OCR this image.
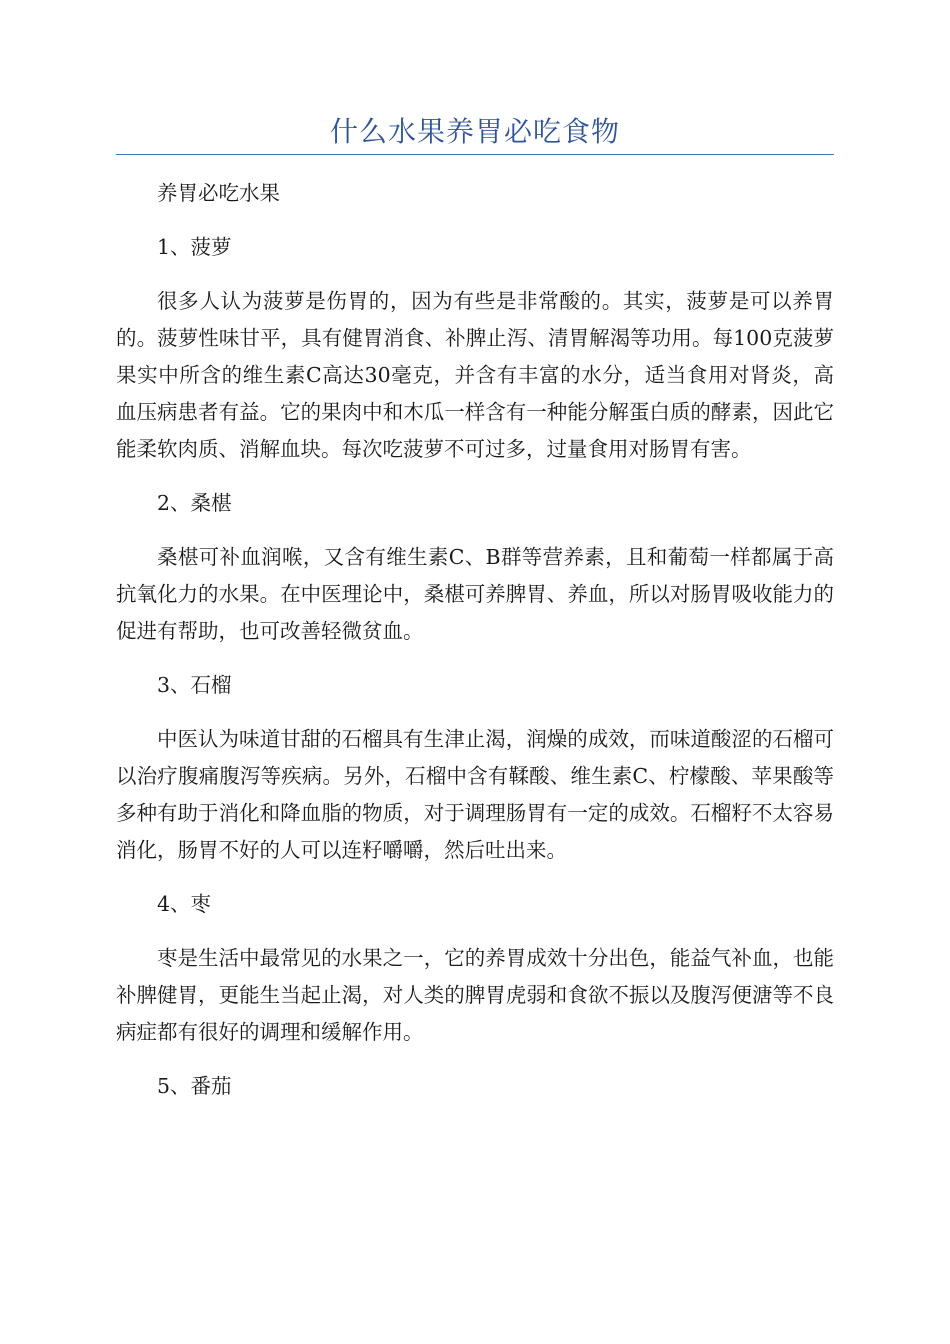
什么水果养胃必吃食物

养胃必吃水果

1、菠萝

很多人认为菠萝是伤胃的，因为有些是非常酸的。其实，菠萝是可以养胃的。菠萝性味甘平，具有健胃消食、补脾止泻、清胃解渴等功用。每100克菠萝果实中所含的维生素C高达30毫克，并含有丰富的水分，适当食用对肾炎，高血压病患者有益。它的果肉中和木瓜一样含有一种能分解蛋白质的酵素，因此它能柔软肉质、消解血块。每次吃菠萝不可过多，过量食用对肠胃有害。

2、桑椹

桑椹可补血润喉，又含有维生素C、B群等营养素，且和葡萄一样都属于高抗氧化力的水果。在中医理论中，桑椹可养脾胃、养血，所以对肠胃吸收能力的促进有帮助，也可改善轻微贫血。

3、石榴

中医认为味道甘甜的石榴具有生津止渴，润燥的成效，而味道酸涩的石榴可以治疗腹痛腹泻等疾病。另外，石榴中含有鞣酸、维生素C、柠檬酸、苹果酸等多种有助于消化和降血脂的物质，对于调理肠胃有一定的成效。石榴籽不太容易消化，肠胃不好的人可以连籽嚼嚼，然后吐出来。

4、枣

枣是生活中最常见的水果之一，它的养胃成效十分出色，能益气补血，也能补脾健胃，更能生当起止渴，对人类的脾胃虎弱和食欲不振以及腹泻便溏等不良病症都有很好的调理和缓解作用。

5、番茄
